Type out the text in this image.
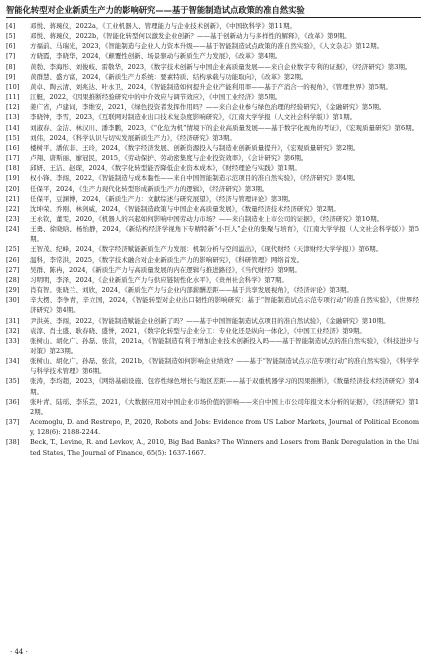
智能化转型对企业新质生产力的影响研究——基于智能制造试点政策的准自然实验
[4]	邓悦、蒋琬仪，2022a，《工业机器人、管理能力与企业技术创新》，《中国软科学》第11期。
[5]	邓悦、蒋琬仪，2022b，《智能化转型何以激发企业创新？——基于创新动力与多样性的解释》，《改革》第9期。
[6]	方福前、马瑞光，2023，《智能制造与企业人力资本升级——基于智能制造试点政策的准自然实验》，《人文杂志》第12期。
[7]	方晓霞，李晓华，2024，《颠覆性创新、场景驱动与新质生产力发展》，《改革》第4期。
[8]	黄勃、李海彤、刘俊岐、雷敬华，2023，《数字技术创新与中国企业高质量发展——来自企业数字专利的证据》，《经济研究》第3期。
[9]	黄群慧、盛方富，2024，《新质生产力系统：要素特质、结构承载与功能取向》，《改革》第2期。
[10]	黄卓、陶云清、刘兆达、叶永卫，2024，《智能制造如何提升企业产能利用率——基于产消合一的视角》，《管理世界》第5期。
[11]	江艇，2022，《因果推断经验研究中的中介效应与调节效应》，《中国工业经济》第5期。
[12]	姜广省，卢建词，李维安，2021，《绿色投资者发挥作用吗？——来自企业参与绿色治理的经验研究》，《金融研究》第5期。
[13]	李晓钟，李雪，2023，《互联网对制造业出口技术复杂度影响研究》，《江南大学学报（人文社会科学版）》第1期。
[14]	刘淑春、金洁、林汉川、潘李鹏，2023，《“化危为机”情境下的企业高质量发展——基于数字化视角的考证》，《宏观质量研究》第6期。
[15]	刘伟，2024，《科学认识与切实发展新质生产力》，《经济研究》第3期。
[16]	楼树平、潘依非、王玲，2024，《数字经济发展、创新资源投入与制造业创新质量提升》，《宏观质量研究》第2期。
[17]	卢翔、唐斯丽、廖冠民，2015，《劳动保护、劳动密集度与企业投资效率》，《会计研究》第6期。
[18]	邱妍、王洁、赵琛，2024，《数字化转型能否降低企业资本成本》，《财经理论与实践》第1期。
[19]	权小锋、李闯，2022，《智能制造与成本黏性——来自中国智能制造示范项目的准自然实验》，《经济研究》第4期。
[20]	任保平，2024，《生产力现代化转型形成新质生产力的逻辑》，《经济研究》第3期。
[21]	任保平，豆渊博，2024，《新质生产力：文献综述与研究展望》，《经济与管理评论》第3期。
[22]	沈坤荣、乔刚、林剑威，2024，《智能制造政策与中国企业高质量发展》，《数量经济技术经济研究》第2期。
[23]	王永钦，董雯，2020，《机器人的兴起如何影响中国劳动力市场？——来自制造业上市公司的证据》，《经济研究》第10期。
[24]	王勇、徐晓晗、杨怡静，2024，《新结构经济学视角下专精特新“小巨人”企业的集聚与培育》，《江南大学学报（人文社会科学版）》第5期。
[25]	王智茂、纪峰，2024，《数字经济赋能新质生产力发展：机制分析与空间溢出》，《现代财经（天津财经大学学报）》第6期。
[26]	温科，李常洪，2025，《数字技术融合对企业新质生产力的影响研究》，《科研管理》网络首发。
[27]	吴群、陈冉，2024，《新质生产力与高质量发展的内在逻辑与推进路径》，《当代财经》第9期。
[28]	习明明，李泽，2024，《企业新质生产力与供应链韧性化水平》，《贵州社会科学》第7期。
[29]	肖有智、张晓兰、刘欣，2024，《新质生产力与企业内部薪酬差距——基于共享发展视角》，《经济评论》第3期。
[30]	辛大楞、李争青，辛立国，2024，《智能转型对企业出口韧性的影响研究：基于“智能制造试点示范专项行动”的准自然实验》，《世界经济研究》第4期。
[31]	尹洪英、李闯，2022，《智能制造赋能企业创新了吗？——基于中国智能制造试点项目的准自然试验》，《金融研究》第10期。
[32]	袁淳、肖土盛、耿春晓、盛誉，2021，《数字化转型与企业分工：专业化还是纵向一体化》，《中国工业经济》第9期。
[33]	张树山、胡化广、孙磊、张营，2021a，《智能制造有利于增加企业技术创新投入吗——基于智能制造试点的准自然实验》，《科技进步与对策》第23期。
[34]	张树山、胡化广、孙磊、张营，2021b，《智能制造如何影响企业绩效？——基于“智能制造试点示范专项行动”的准自然实验》，《科学学与科学技术管理》第6期。
[35]	张涛，李均超，2023，《网络基础设施、包容性绿色增长与地区差距——基于双重机器学习的因果推断》，《数量经济技术经济研究》第4期。
[36]	张叶青、陆瑶、李乐芸，2021，《大数据应用对中国企业市场价值的影响——来自中国上市公司年报文本分析的证据》，《经济研究》第12期。
[37]	Acemoglu, D. and Restrepo, P., 2020, Robots and Jobs: Evidence from US Labor Markets, Journal of Political Economy, 128(6): 2188-2244.
[38]	Beck, T., Levine, R. and Levkov, A., 2010, Big Bad Banks? The Winners and Losers from Bank Deregulation in the United States, The Journal of Finance, 65(5): 1637-1667.
· 44 ·
